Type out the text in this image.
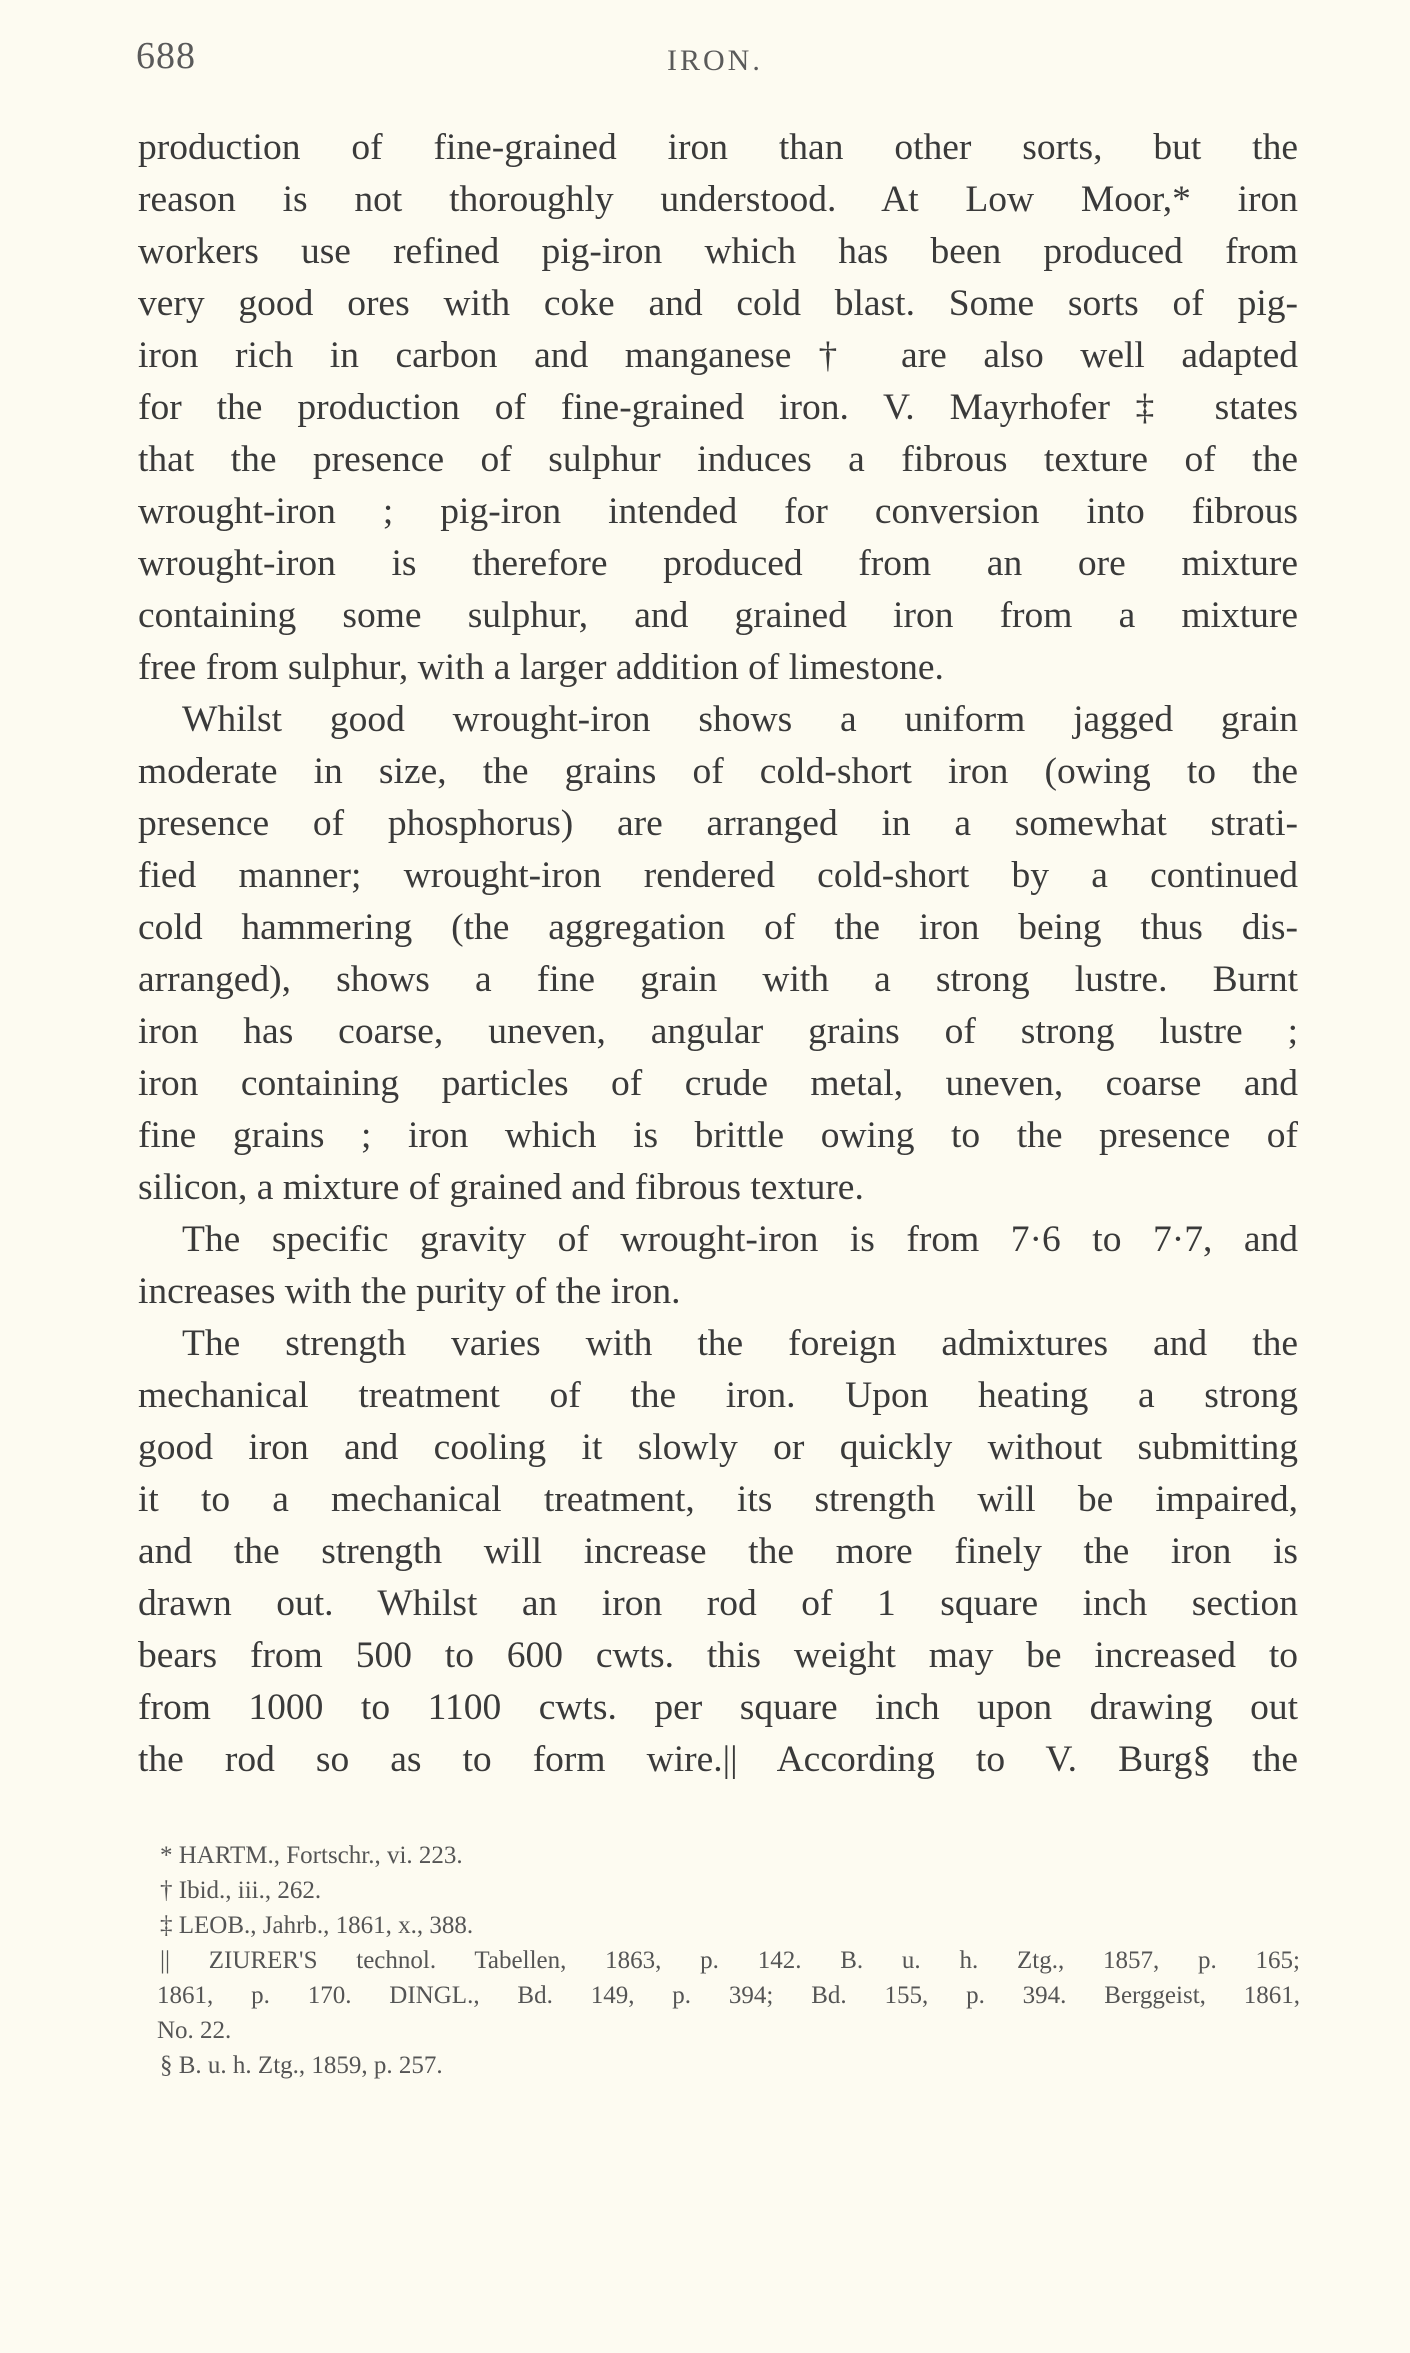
688	IRON.
production of fine-grained iron than other sorts, but the
reason is not thoroughly understood. At Low Moor,* iron
workers use refined pig-iron which has been produced from
very good ores with coke and cold blast. Some sorts of pig-
iron rich in carbon and manganese† are also well adapted
for the production of fine-grained iron. V. Mayrhofer‡ states
that the presence of sulphur induces a fibrous texture of the
wrought-iron ; pig-iron intended for conversion into fibrous
wrought-iron is therefore produced from an ore mixture
containing some sulphur, and grained iron from a mixture
free from sulphur, with a larger addition of limestone.
Whilst good wrought-iron shows a uniform jagged grain
moderate in size, the grains of cold-short iron (owing to the
presence of phosphorus) are arranged in a somewhat strati-
fied manner; wrought-iron rendered cold-short by a continued
cold hammering (the aggregation of the iron being thus dis-
arranged), shows a fine grain with a strong lustre. Burnt
iron has coarse, uneven, angular grains of strong lustre ;
iron containing particles of crude metal, uneven, coarse and
fine grains ; iron which is brittle owing to the presence of
silicon, a mixture of grained and fibrous texture.
The specific gravity of wrought-iron is from 7·6 to 7·7, and
increases with the purity of the iron.
The strength varies with the foreign admixtures and the
mechanical treatment of the iron. Upon heating a strong
good iron and cooling it slowly or quickly without submitting
it to a mechanical treatment, its strength will be impaired,
and the strength will increase the more finely the iron is
drawn out. Whilst an iron rod of 1 square inch section
bears from 500 to 600 cwts. this weight may be increased to
from 1000 to 1100 cwts. per square inch upon drawing out
the rod so as to form wire.|| According to V. Burg§ the
* HARTM., Fortschr., vi. 223.
† Ibid., iii., 262.
‡ LEOB., Jahrb., 1861, x., 388.
|| ZIURER'S technol. Tabellen, 1863, p. 142. B. u. h. Ztg., 1857, p. 165;
1861, p. 170. DINGL., Bd. 149, p. 394; Bd. 155, p. 394. Berggeist, 1861,
No. 22.
§ B. u. h. Ztg., 1859, p. 257.
